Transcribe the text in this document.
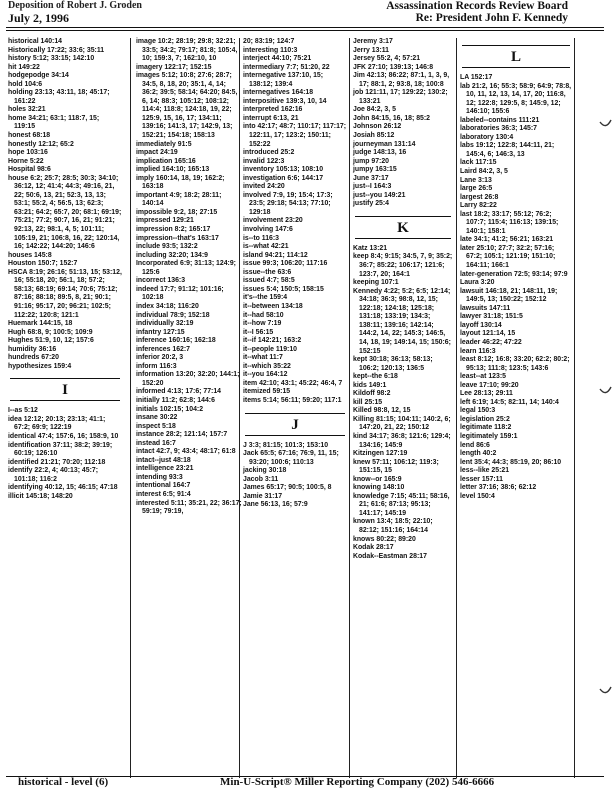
Deposition of Robert J. Groden
July 2, 1996
Assassination Records Review Board
Re: President John F. Kennedy
historical 140:14
Historically 17:22; 33:6; 35:11
history 5:12; 33:15; 142:10
hit 149:22
hodgepodge 34:14
hold 104:6
holding 23:13; 43:11, 18; 45:17; 161:22
holes 32:21
home 34:21; 63:1; 118:7, 15; 119:15
honest 68:18
honestly 12:12; 65:2
hope 103:16
Horne 5:22
Hospital 98:6
house 6:2; 25:7; 28:5; 30:3; 34:10; 36:12, 12; 41:4; 44:3; 49:16, 21, 22; 50:6, 13, 21; 52:3, 13, 13; 53:1; 55:2, 4; 56:5, 13; 62:3; 63:21; 64:2; 65:7, 20; 68:1; 69:19; 75:21; 77:2; 90:7, 16, 21; 91:21; 92:13, 22; 98:1, 4, 5; 101:11; 105:19, 21; 106:8, 16, 22; 120:14, 16; 142:22; 144:20; 146:6
houses 145:8
Houston 150:7; 152:7
HSCA 8:19; 26:16; 51:13, 15; 53:12, 16; 55:18, 20; 56:1, 18; 57:2; 58:13; 68:19; 69:14; 70:6; 75:12; 87:16; 88:18; 89:5, 8, 21; 90:1; 91:16; 95:17, 20; 96:21; 102:5; 112:22; 120:8; 121:1
Huemark 144:15, 18
Hugh 68:8, 9; 100:5; 109:9
Hughes 51:9, 10, 12; 157:6
humidity 36:16
hundreds 67:20
hypothesizes 159:4
I
I--as 5:12
idea 12:12; 20:13; 23:13; 41:1; 67:2; 69:9; 122:19
identical 47:4; 157:6, 16; 158:9, 10
identification 37:11; 38:2; 39:19; 60:19; 126:10
identified 21:21; 70:20; 112:18
identify 22:2, 4; 40:13; 45:7; 101:18; 116:2
identifying 40:12, 15; 46:15; 47:18
illicit 145:18; 148:20
image 10:2; 28:19; 29:8; 32:21; 33:5; 34:2; 79:17; 81:8; 105:4, 10; 159:3, 7; 162:10, 10
imagery 122:17; 152:15
images 5:12; 10:8; 27:6; 28:7; 34:5, 8, 18, 20; 35:1, 4, 14; 36:2; 39:5; 58:14; 64:20; 84:5, 6, 14; 88:3; 105:12; 108:12; 114:4; 118:8; 124:18, 19, 22; 125:9, 15, 16, 17; 134:11; 139:16; 141:3, 17; 142:9, 13; 152:21; 154:18; 158:13
immediately 91:5
impact 24:19
implication 165:16
implied 164:10; 165:13
imply 160:14, 18, 19; 162:2; 163:18
important 4:9; 18:2; 28:11; 140:14
impossible 9:2, 18; 27:15
impressed 129:21
impression 8:2; 165:17
impression--that's 163:17
include 93:5; 132:2
including 32:20; 134:9
Incorporated 6:9; 31:13; 124:9; 125:6
incorrect 136:3
indeed 17:7; 91:12; 101:16; 102:18
index 34:18; 116:20
individual 78:9; 152:18
individually 32:19
infantry 127:15
inference 160:16; 162:18
inferences 162:7
inferior 20:2, 3
inform 116:3
information 13:20; 32:20; 144:1; 152:20
informed 4:13; 17:6; 77:14
initially 11:2; 62:8; 144:6
initials 102:15; 104:2
insane 30:22
inspect 5:18
instance 28:2; 121:14; 157:7
instead 16:7
intact 42:7, 9; 43:4; 48:17; 61:8
intact--just 48:18
intelligence 23:21
intending 93:3
intentional 164:7
interest 6:5; 91:4
interested 5:11; 35:21, 22; 36:17; 59:19; 79:19,
20; 83:19; 124:7
interesting 110:3
interject 44:10; 75:21
intermediary 7:7; 51:20, 22
internegative 137:10, 15; 138:12; 139:4
internegatives 164:18
interpositive 139:3, 10, 14
interpreted 162:16
interrupt 6:13, 21
into 42:17; 48:7; 110:17; 117:17; 122:11, 17; 123:2; 150:11; 152:22
introduced 25:2
invalid 122:3
inventory 105:13; 108:10
investigation 6:6; 144:17
invited 24:20
involved 7:9, 19; 15:4; 17:3; 23:5; 29:18; 54:13; 77:10; 129:18
involvement 23:20
involving 147:6
is--to 116:3
is--what 42:21
island 94:21; 114:12
issue 99:3; 106:20; 117:16
issue--the 63:6
issued 4:7; 58:5
issues 5:4; 150:5; 158:15
it's--the 159:4
it--between 134:18
it--had 58:10
it--how 7:19
it--I 56:15
it--if 142:21; 163:2
it--people 119:10
it--what 11:7
it--which 35:22
it--you 164:12
item 42:10; 43:1; 45:22; 46:4, 7
itemized 59:15
items 5:14; 56:11; 59:20; 117:1
J
J 3:3; 81:15; 101:3; 153:10
Jack 65:5; 67:16; 76:9, 11, 15; 93:20; 100:6; 110:13
jacking 30:18
Jacob 3:11
James 65:17; 90:5; 100:5, 8
Jamie 31:17
Jane 56:13, 16; 57:9
Jeremy 3:17
Jerry 13:11
Jersey 55:2, 4; 57:21
JFK 27:10; 139:13; 146:8
Jim 42:13; 86:22; 87:1, 1, 3, 9, 17; 88:1, 2; 93:8, 18; 100:8
job 121:11, 17; 129:22; 130:2; 133:21
Joe 84:2, 3, 5
John 84:15, 16, 18; 85:2
Johnson 26:12
Josiah 85:12
journeyman 131:14
judge 148:13, 16
jump 97:20
jumpy 163:15
June 37:17
just--I 164:3
just--you 149:21
justify 25:4
K
Katz 13:21
keep 8:4; 9:15; 34:5, 7, 9; 35:2; 36:7; 85:22; 106:17; 121:6; 123:7, 20; 164:1
keeping 107:1
Kennedy 4:22; 5:2; 6:5; 12:14; 34:18; 36:3; 98:8, 12, 15; 122:18; 124:18; 125:18; 131:18; 133:19; 134:3; 138:11; 139:16; 142:14; 144:2, 14, 22; 145:3; 146:5, 14, 18, 19; 149:14, 15; 150:6; 152:15
kept 30:18; 36:13; 58:13; 106:2; 120:13; 136:5
kept--the 6:18
kids 149:1
Kildoff 98:2
kill 25:15
Killed 98:8, 12, 15
Killing 81:15; 104:11; 140:2, 6; 147:20, 21, 22; 150:12
kind 34:17; 36:8; 121:6; 129:4; 134:16; 145:9
Kitzingen 127:19
knew 57:11; 106:12; 119:3; 151:15, 15
know--or 165:9
knowing 148:10
knowledge 7:15; 45:11; 58:16, 21; 61:6; 87:13; 95:13; 141:17; 145:19
known 13:4; 18:5; 22:10; 82:12; 151:16; 164:14
knows 80:22; 89:20
Kodak 28:17
Kodak--Eastman 28:17
L
LA 152:17
lab 21:2, 16; 55:3; 58:9; 64:9; 78:8, 10, 11, 12, 13, 14, 17, 20; 116:8, 12; 122:8; 129:5, 8; 145:9, 12; 146:10; 155:6
labeled--contains 111:21
laboratories 36:3; 145:7
laboratory 130:4
labs 19:12; 122:8; 144:11, 21; 145:4, 6; 146:3, 13
lack 117:15
Laird 84:2, 3, 5
Lane 3:13
large 26:5
largest 26:8
Larry 82:22
last 18:2; 33:17; 55:12; 76:2; 107:7; 115:4; 116:13; 139:15; 140:1; 158:1
late 34:1; 41:2; 56:21; 163:21
later 25:10; 27:7; 32:2; 57:16; 67:2; 105:1; 121:19; 151:10; 164:11; 166:1
later-generation 72:5; 93:14; 97:9
Laura 3:20
lawsuit 146:18, 21; 148:11, 19; 149:5, 13; 150:22; 152:12
lawsuits 147:11
lawyer 31:18; 151:5
layoff 130:14
layout 121:14, 15
leader 46:22; 47:22
learn 116:3
least 8:12; 16:8; 33:20; 62:2; 80:2; 95:13; 111:8; 123:5; 143:6
least--at 123:5
leave 17:10; 99:20
Lee 28:13; 29:11
left 6:19; 14:5; 82:11, 14; 140:4
legal 150:3
legislation 25:2
legitimate 118:2
legitimately 159:1
lend 86:6
length 40:2
lent 35:4; 44:3; 85:19, 20; 86:10
less--like 25:21
lesser 157:11
letter 37:16; 38:6; 62:12
level 150:4
historical - level (6)	Min-U-Script® Miller Reporting Company (202) 546-6666
